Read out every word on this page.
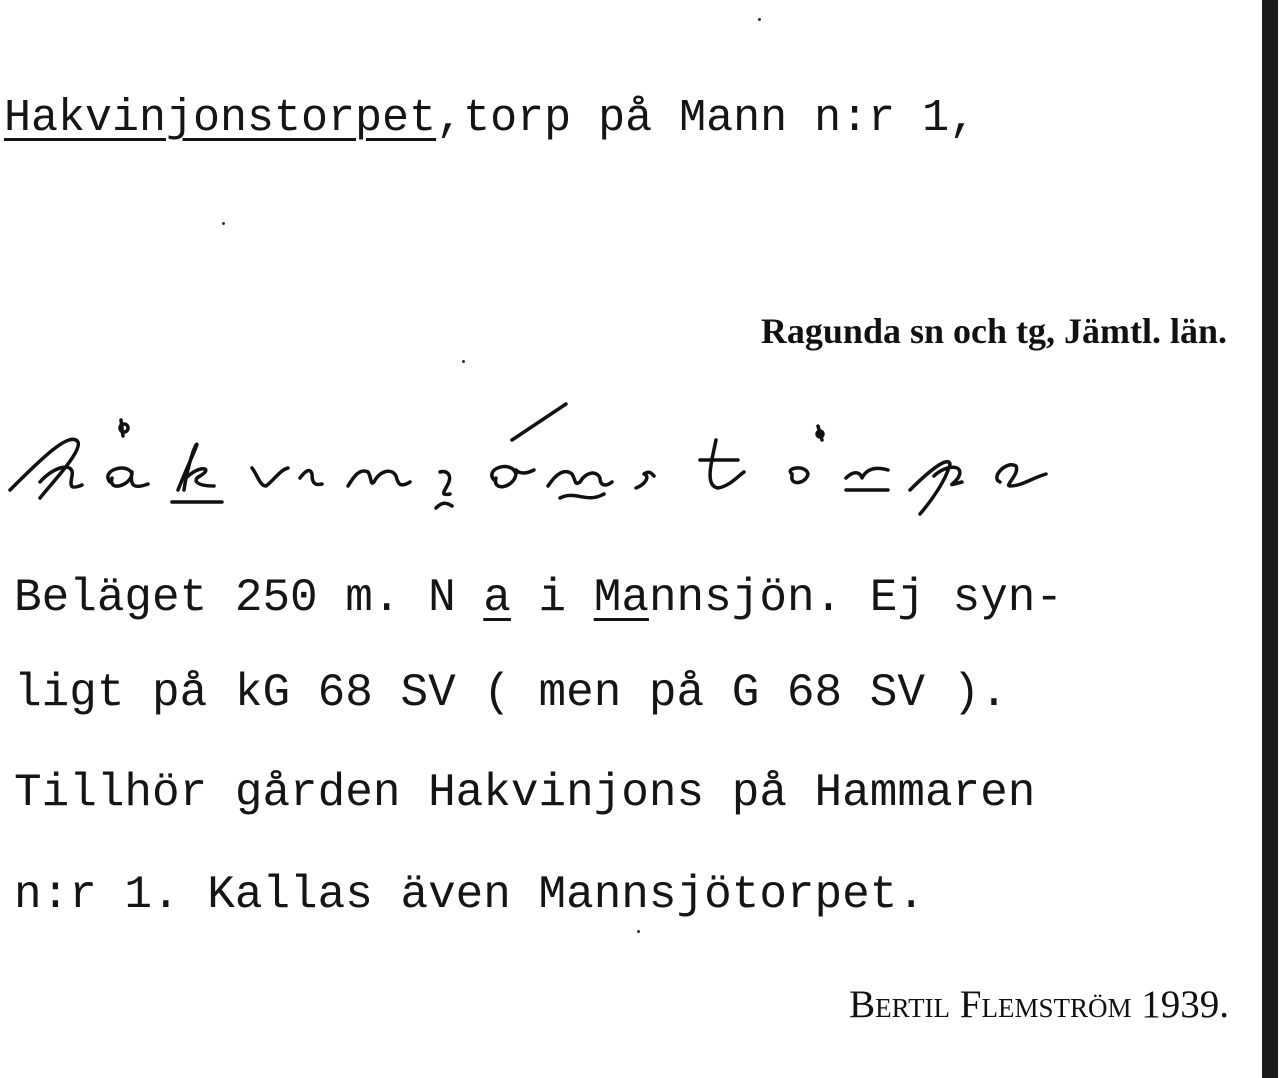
Hakvinjonstorpet,torp på Mann n:r 1,
Ragunda sn och tg, Jämtl. län.
Beläget 250 m. N a i Mannsjön. Ej syn-
ligt på kG 68 SV ( men på G 68 SV ).
Tillhör gården Hakvinjons på Hammaren
n:r 1. Kallas även Mannsjötorpet.
Bertil Flemström 1939.
